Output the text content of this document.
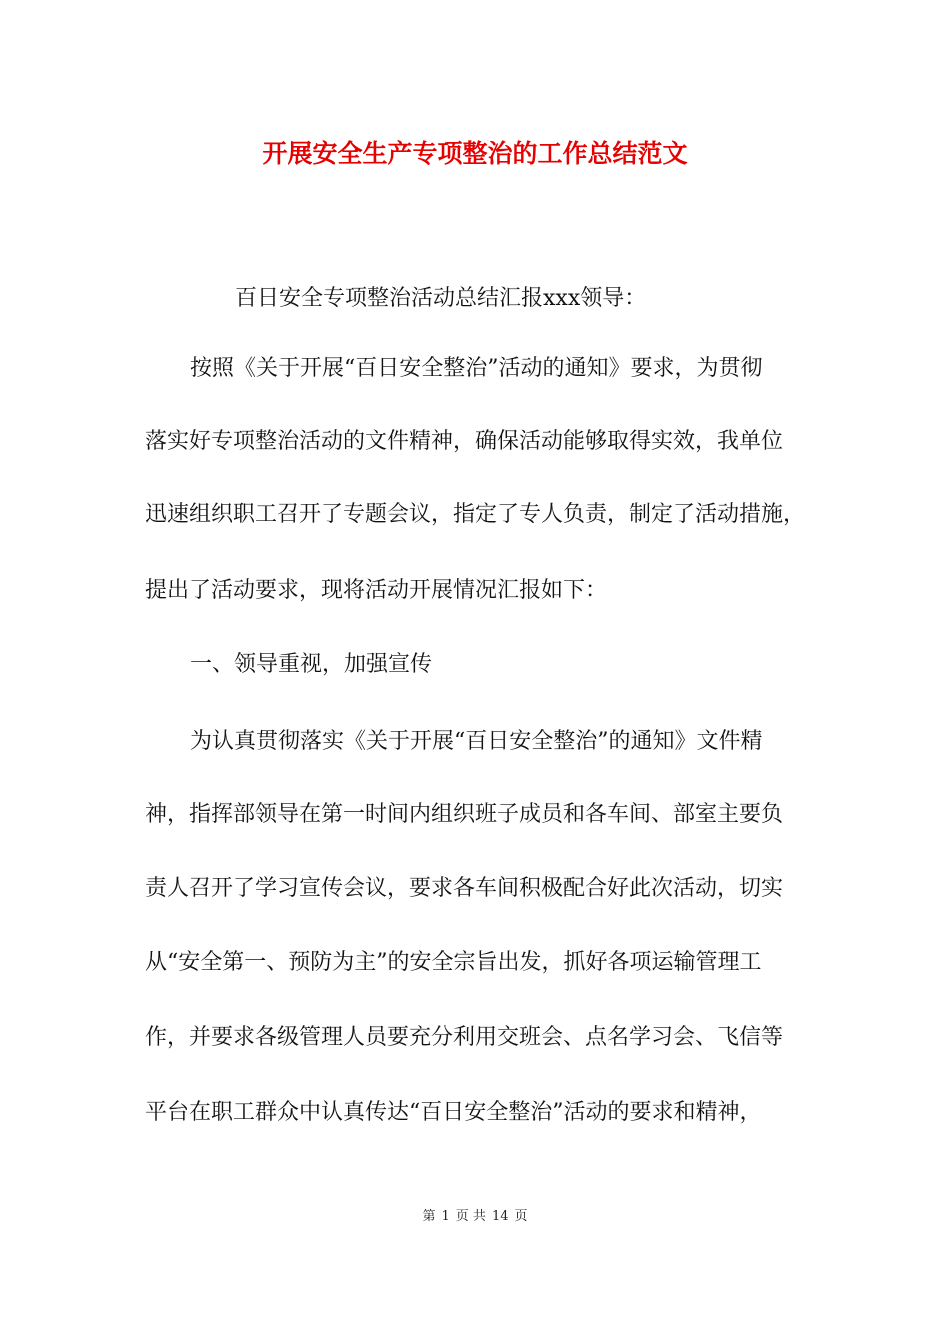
开展安全生产专项整治的工作总结范文

百日安全专项整治活动总结汇报xxx领导：

按照《关于开展“百日安全整治”活动的通知》要求，为贯彻

落实好专项整治活动的文件精神，确保活动能够取得实效，我单位

迅速组织职工召开了专题会议，指定了专人负责，制定了活动措施，

提出了活动要求，现将活动开展情况汇报如下：

一、领导重视，加强宣传

为认真贯彻落实《关于开展“百日安全整治”的通知》文件精

神，指挥部领导在第一时间内组织班子成员和各车间、部室主要负

责人召开了学习宣传会议，要求各车间积极配合好此次活动，切实

从“安全第一、预防为主”的安全宗旨出发，抓好各项运输管理工

作，并要求各级管理人员要充分利用交班会、点名学习会、飞信等

平台在职工群众中认真传达“百日安全整治”活动的要求和精神，

第 1 页 共 14 页
